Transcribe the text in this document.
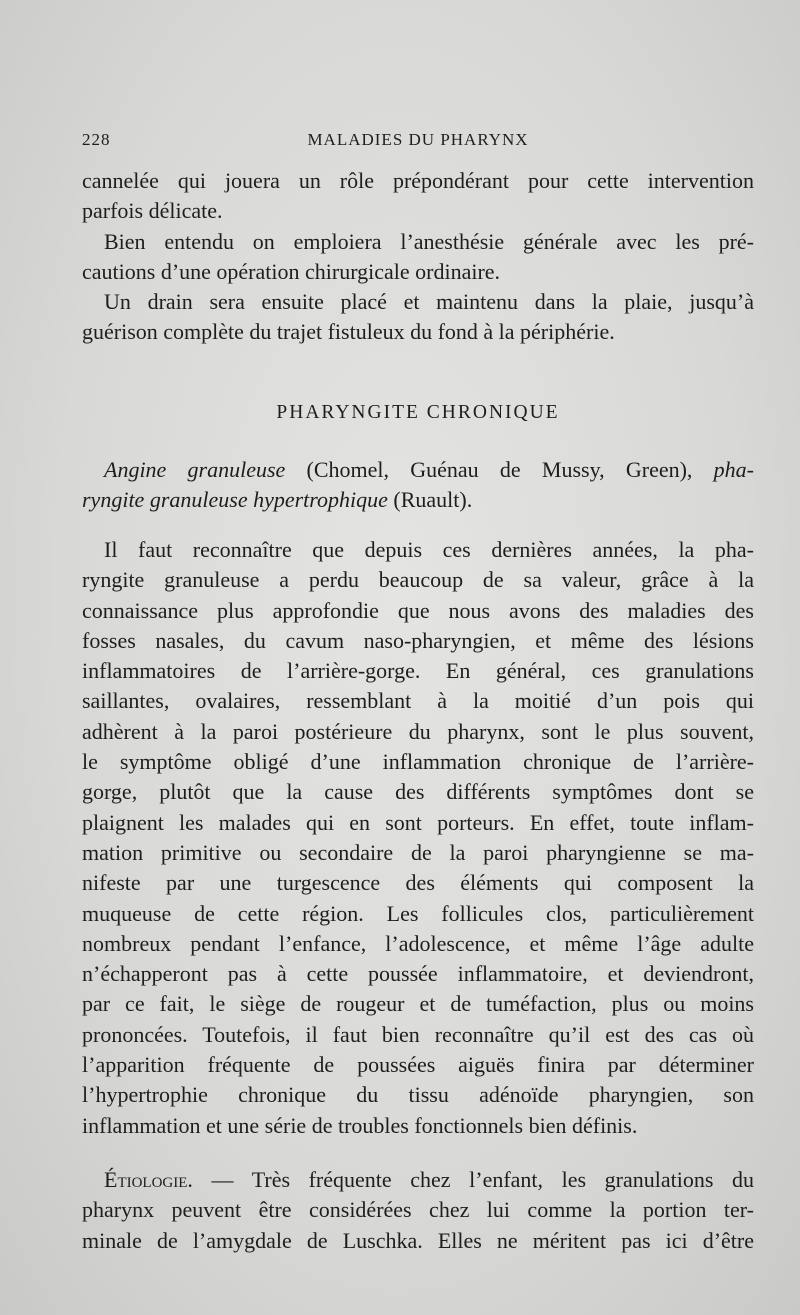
228	MALADIES DU PHARYNX
cannelée qui jouera un rôle prépondérant pour cette intervention
parfois délicate.
Bien entendu on emploiera l’anesthésie générale avec les pré-
cautions d’une opération chirurgicale ordinaire.
Un drain sera ensuite placé et maintenu dans la plaie, jusqu’à
guérison complète du trajet fistuleux du fond à la périphérie.
PHARYNGITE CHRONIQUE
Angine granuleuse (Chomel, Guénau de Mussy, Green), pha-
ryngite granuleuse hypertrophique (Ruault).
Il faut reconnaître que depuis ces dernières années, la pha-
ryngite granuleuse a perdu beaucoup de sa valeur, grâce à la
connaissance plus approfondie que nous avons des maladies des
fosses nasales, du cavum naso-pharyngien, et même des lésions
inflammatoires de l’arrière-gorge. En général, ces granulations
saillantes, ovalaires, ressemblant à la moitié d’un pois qui
adhèrent à la paroi postérieure du pharynx, sont le plus souvent,
le symptôme obligé d’une inflammation chronique de l’arrière-
gorge, plutôt que la cause des différents symptômes dont se
plaignent les malades qui en sont porteurs. En effet, toute inflam-
mation primitive ou secondaire de la paroi pharyngienne se ma-
nifeste par une turgescence des éléments qui composent la
muqueuse de cette région. Les follicules clos, particulièrement
nombreux pendant l’enfance, l’adolescence, et même l’âge adulte
n’échapperont pas à cette poussée inflammatoire, et deviendront,
par ce fait, le siège de rougeur et de tuméfaction, plus ou moins
prononcées. Toutefois, il faut bien reconnaître qu’il est des cas où
l’apparition fréquente de poussées aiguës finira par déterminer
l’hypertrophie chronique du tissu adénoïde pharyngien, son
inflammation et une série de troubles fonctionnels bien définis.
Étiologie. — Très fréquente chez l’enfant, les granulations du
pharynx peuvent être considérées chez lui comme la portion ter-
minale de l’amygdale de Luschka. Elles ne méritent pas ici d’être
